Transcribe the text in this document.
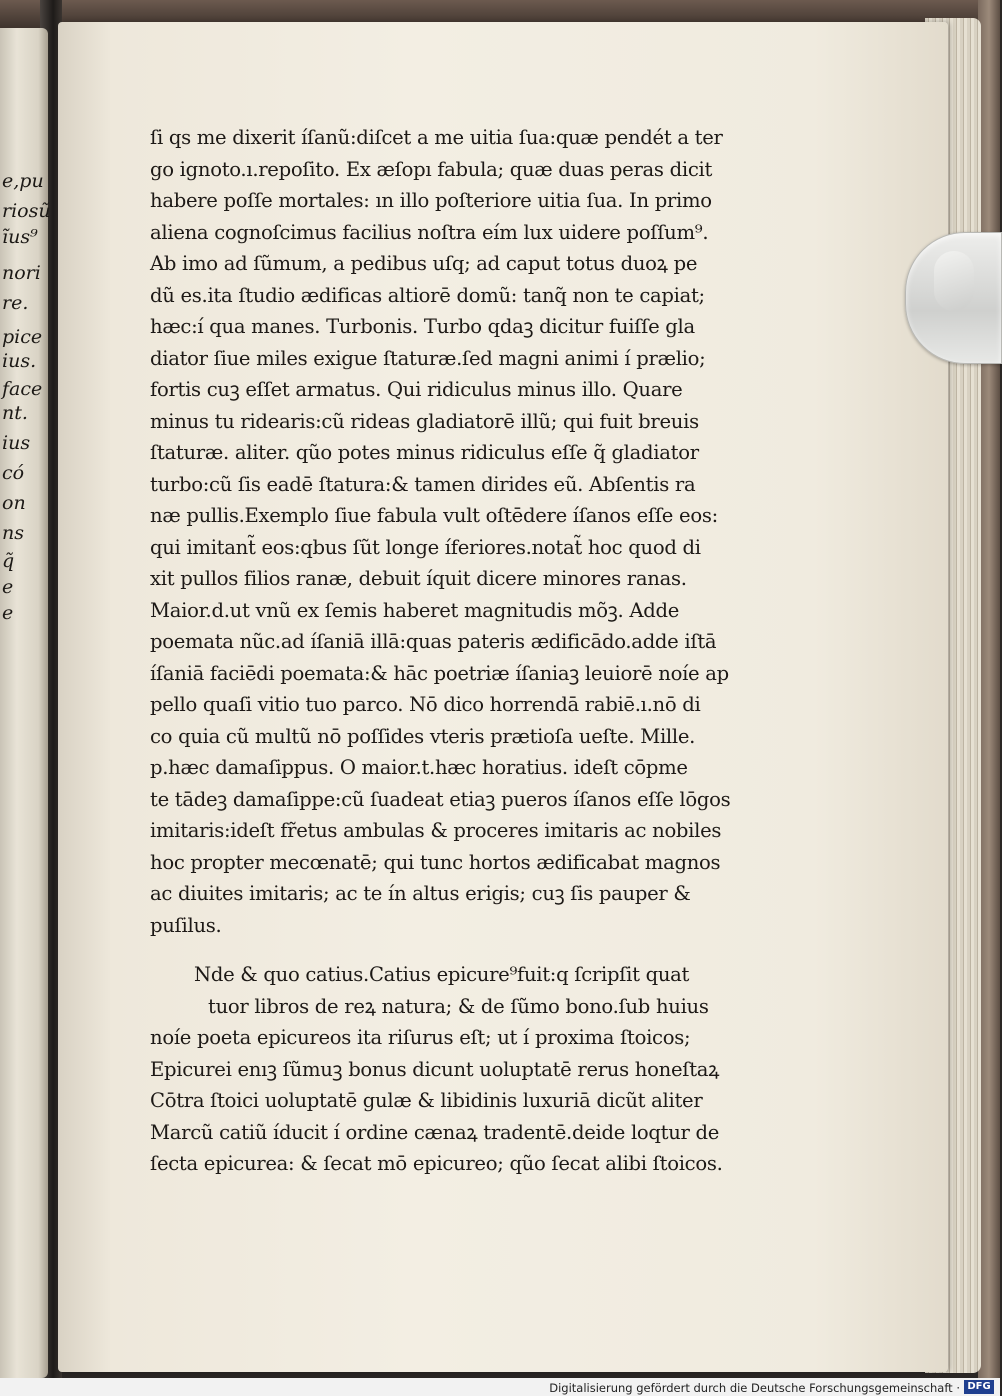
e,pu
riosũ
ĩus⁹
nori
re.
pice
ius.
face
nt.
ius
có
on
ns
q̃
e
e
ſi qs me dixerit íſanũ:diſcet a me uitia ſua:quæ pendét a ter
go ignoto.ı.repoſito. Ex æſopı fabula; quæ duas peras dicit
habere poſſe mortales: ın illo poſteriore uitia ſua. In primo
aliena cognoſcimus facilius noſtra eím lux uidere poſſum⁹.
Ab imo ad ſũmum, a pedibus uſq; ad caput totus duoꝝ pe
dũ es.ita ſtudio ædificas altiorē domũ: tanq̃ non te capiat;
hæc:í qua manes. Turbonis. Turbo qdaꝫ dicitur fuiſſe gla
diator ſiue miles exigue ſtaturæ.ſed magni animi í prælio;
fortis cuꝫ eſſet armatus. Qui ridiculus minus illo. Quare
minus tu ridearis:cũ rideas gladiatorē illũ; qui fuit breuis
ſtaturæ. aliter. qũo potes minus ridiculus eſſe q̃ gladiator
turbo:cũ ſis eadē ſtatura:& tamen dirides eũ. Abſentis ra
næ pullis.Exemplo ſiue fabula vult oſtēdere íſanos eſſe eos:
qui imitant̃ eos:qbus ſũt longe íferiores.notat̃ hoc quod di
xit pullos filios ranæ, debuit íquit dicere minores ranas.
Maior.d.ut vnũ ex ſemis haberet magnitudis mõꝫ. Adde
poemata nũc.ad íſaniā illā:quas pateris ædificādo.adde iſtā
íſaniā faciēdi poemata:& hāc poetriæ íſaniaꝫ leuiorē noíe ap
pello quaſi vitio tuo parco. Nō dico horrendā rabiē.ı.nō di
co quia cũ multũ nō poſſides vteris prætioſa ueſte. Mille.
p.hæc damaſippus. O maior.t.hæc horatius. ideſt cōpme
te tādeꝫ damaſippe:cũ ſuadeat etiaꝫ pueros íſanos eſſe lōgos
imitaris:ideſt fr̃etus ambulas & proceres imitaris ac nobiles
hoc propter mecœnatē; qui tunc hortos ædificabat magnos
ac diuites imitaris; ac te ín altus erigis; cuꝫ ſis pauper &
puſilus.
Nde & quo catius.Catius epicure⁹fuit:q ſcripſit quat
tuor libros de reꝝ natura; & de ſũmo bono.ſub huius
noíe poeta epicureos ita riſurus eſt; ut í proxima ſtoicos;
Epicurei enıꝫ ſũmuꝫ bonus dicunt uoluptatē rerus honeſtaꝝ
Cōtra ſtoici uoluptatē gulæ & libidinis luxuriā dicũt aliter
Marcũ catiũ íducit í ordine cænaꝝ tradentē.deide loqtur de
ſecta epicurea: & ſecat mō epicureo; qũo ſecat alibi ſtoicos.
Digitalisierung gefördert durch die Deutsche Forschungsgemeinschaft · DFG
